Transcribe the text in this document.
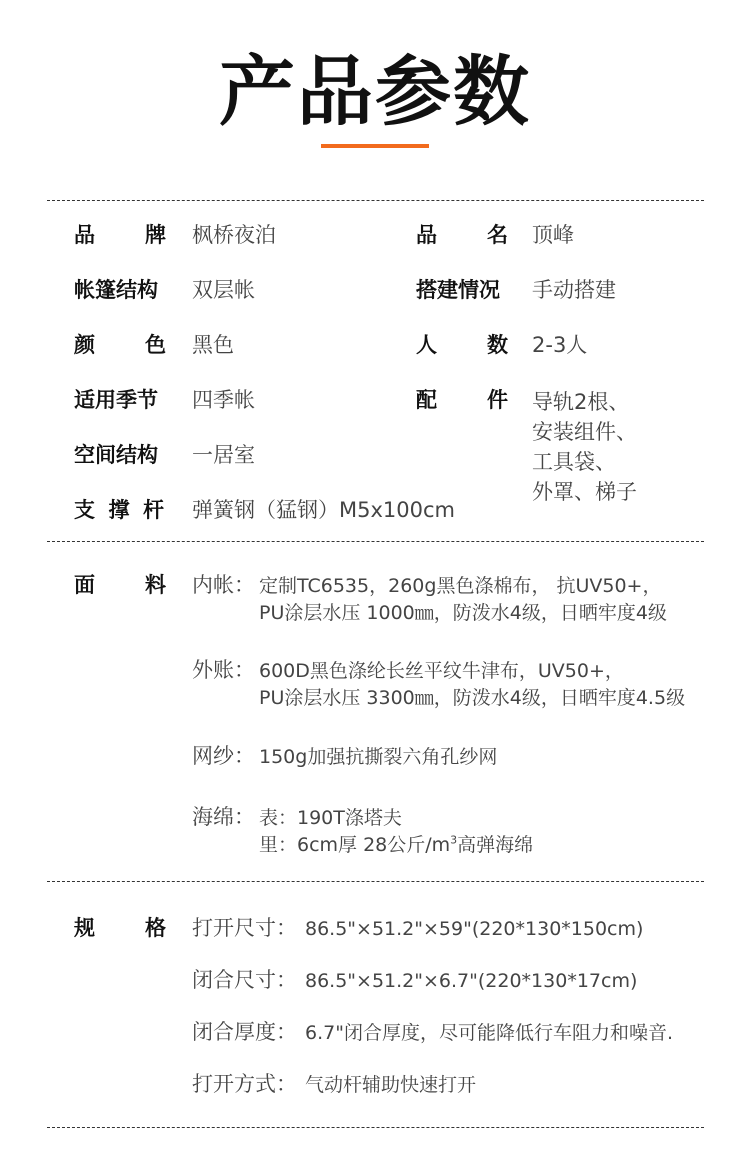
产品参数
品 牌 枫桥夜泊	品 名 顶峰
帐篷结构 双层帐	搭建情况 手动搭建
颜 色 黑色	人 数 2-3人
适用季节 四季帐	配 件 导轨2根、
安装组件、
工具袋、
外罩、梯子
空间结构 一居室
支 撑 杆 弹簧钢（猛钢）M5x100cm
面 料 内帐： 定制TC6535，260g黑色涤棉布， 抗UV50+，
PU涂层水压 1000㎜，防泼水4级，日晒牢度4级
外账： 600D黑色涤纶长丝平纹牛津布，UV50+，
PU涂层水压 3300㎜，防泼水4级，日晒牢度4.5级
网纱： 150g加强抗撕裂六角孔纱网
海绵： 表：190T涤塔夫
里：6cm厚 28公斤$/m^3$高弹海绵
规 格 打开尺寸： 86.5"×51.2"×59"(220*130*150cm)
闭合尺寸： 86.5"×51.2"×6.7"(220*130*17cm)
闭合厚度： 6.7"闭合厚度，尽可能降低行车阻力和噪音.
打开方式： 气动杆辅助快速打开
